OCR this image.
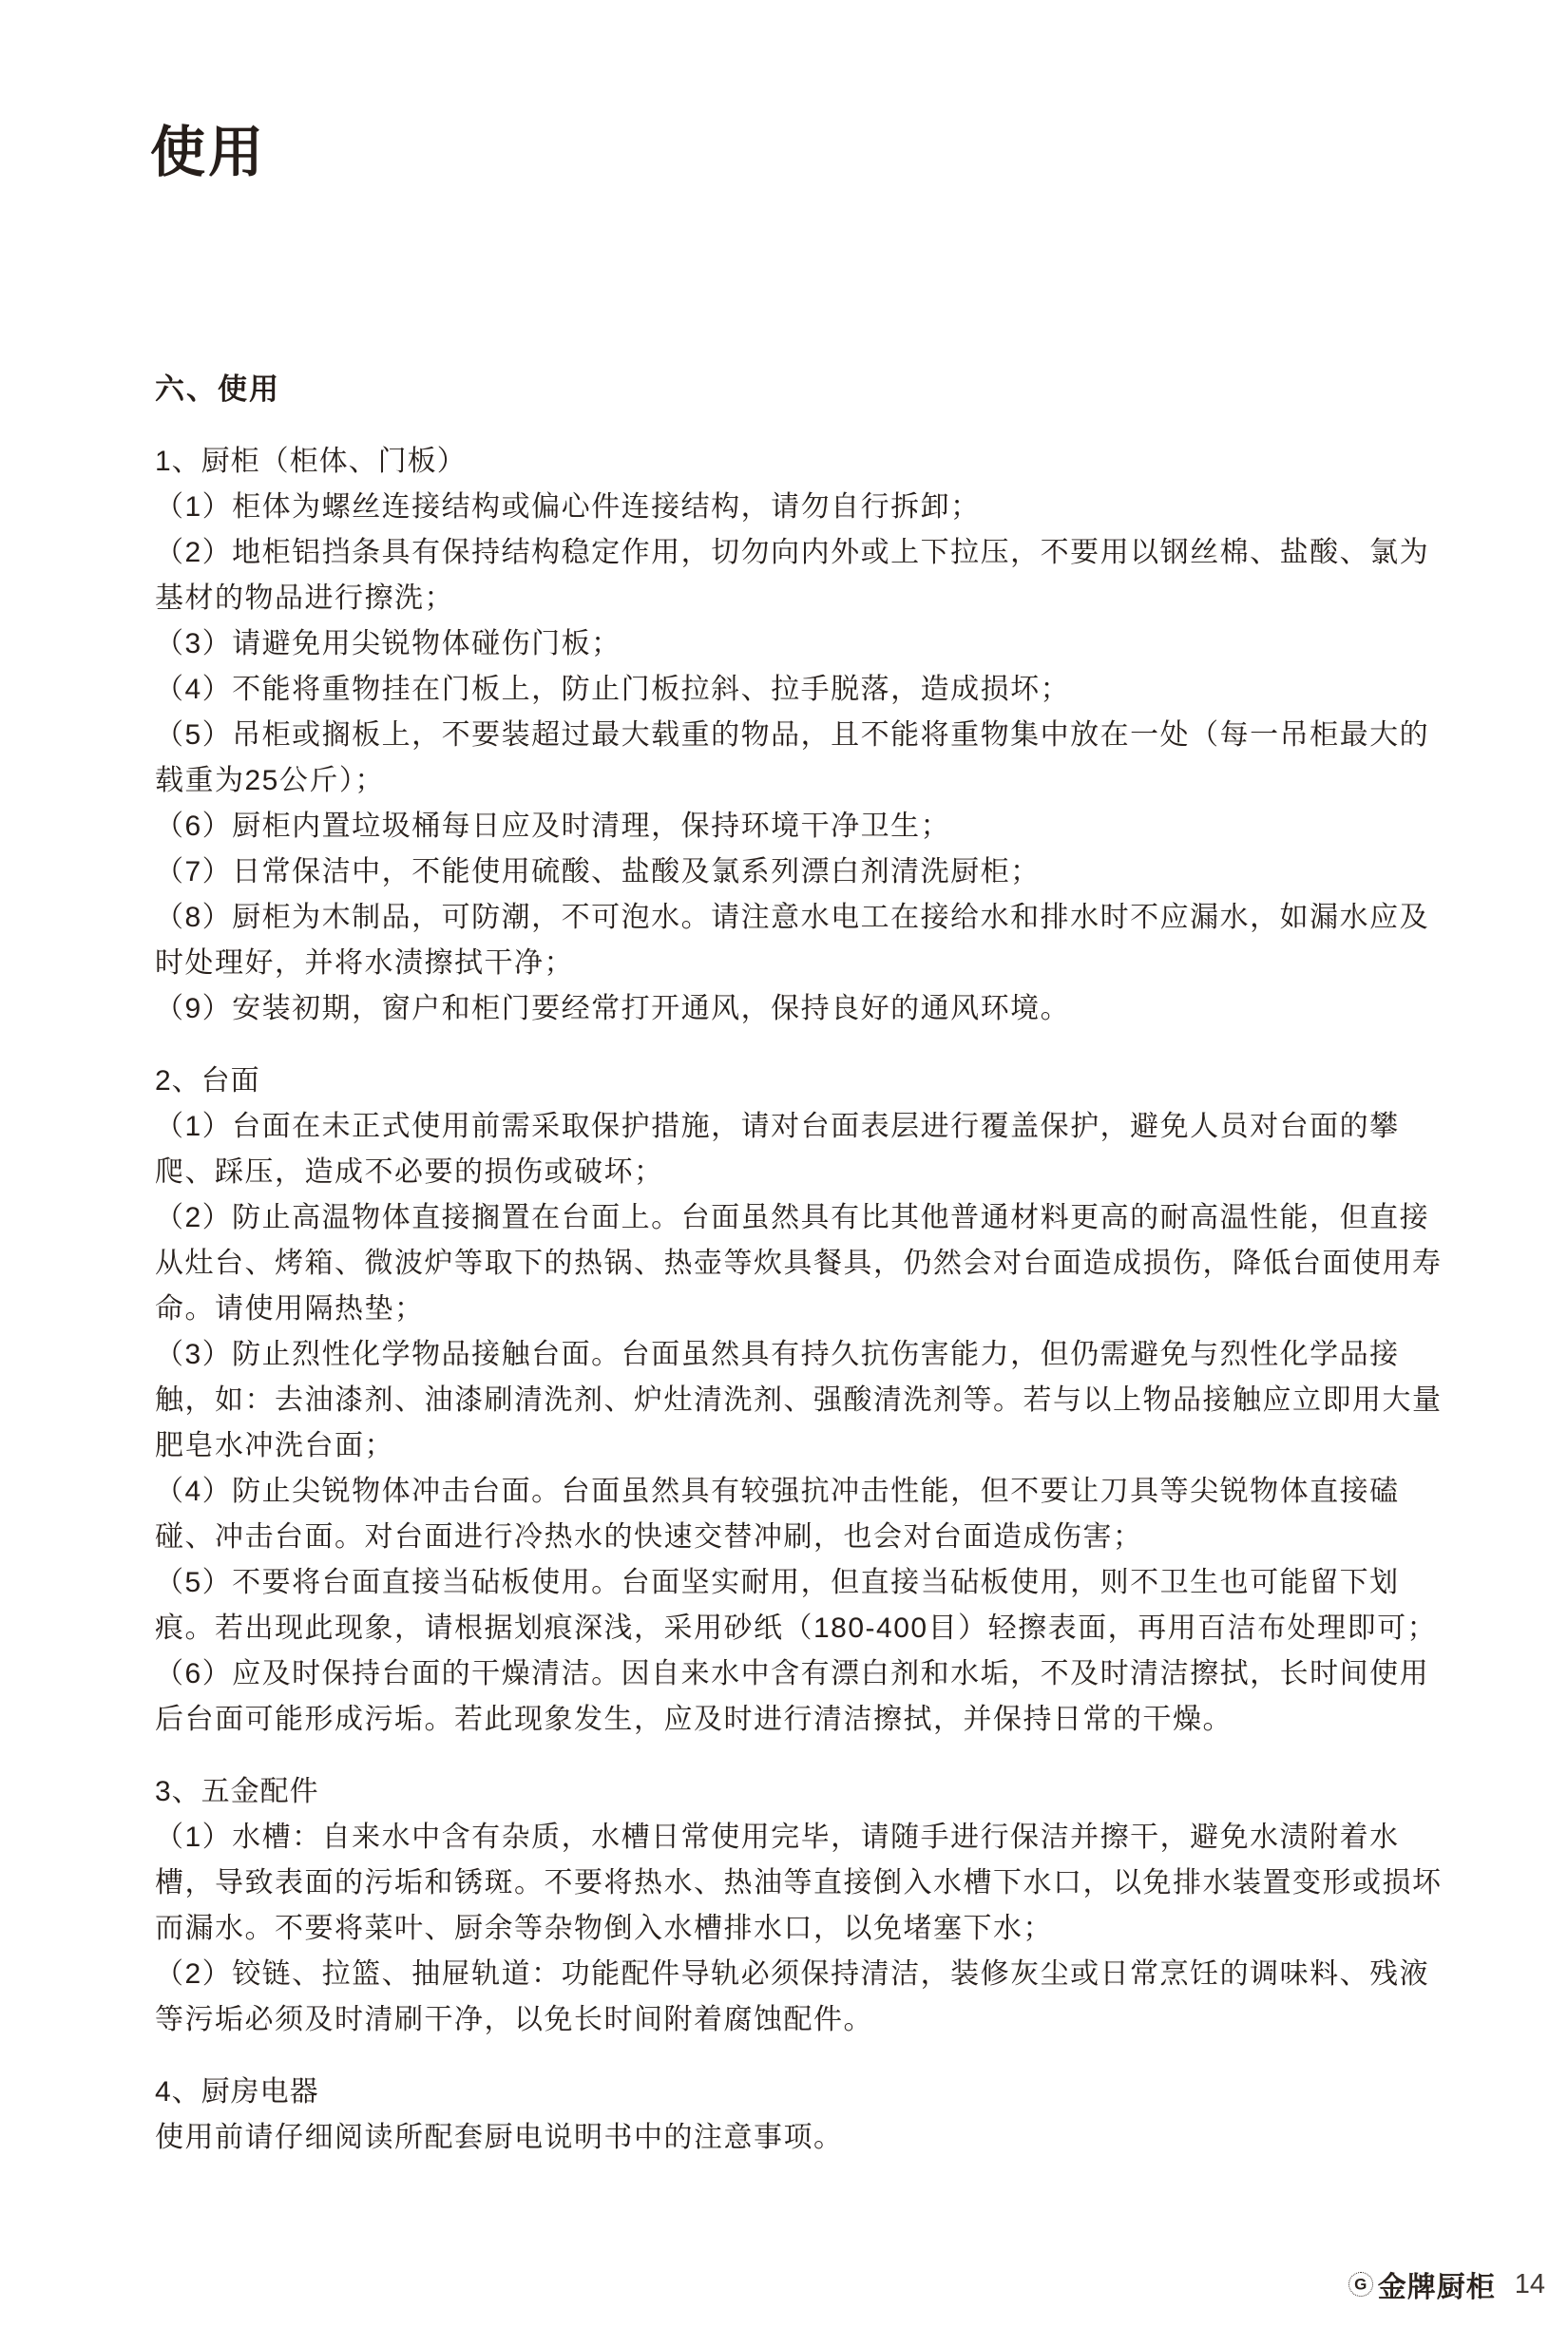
使用
六、使用
1、厨柜（柜体、门板）

（1）柜体为螺丝连接结构或偏心件连接结构，请勿自行拆卸；

（2）地柜铝挡条具有保持结构稳定作用，切勿向内外或上下拉压，不要用以钢丝棉、盐酸、氯为基材的物品进行擦洗；

（3）请避免用尖锐物体碰伤门板；

（4）不能将重物挂在门板上，防止门板拉斜、拉手脱落，造成损坏；

（5）吊柜或搁板上，不要装超过最大载重的物品，且不能将重物集中放在一处（每一吊柜最大的载重为25公斤）；

（6）厨柜内置垃圾桶每日应及时清理，保持环境干净卫生；

（7）日常保洁中，不能使用硫酸、盐酸及氯系列漂白剂清洗厨柜；

（8）厨柜为木制品，可防潮，不可泡水。请注意水电工在接给水和排水时不应漏水，如漏水应及时处理好，并将水渍擦拭干净；

（9）安装初期，窗户和柜门要经常打开通风，保持良好的通风环境。

2、台面

（1）台面在未正式使用前需采取保护措施，请对台面表层进行覆盖保护，避免人员对台面的攀爬、踩压，造成不必要的损伤或破坏；

（2）防止高温物体直接搁置在台面上。台面虽然具有比其他普通材料更高的耐高温性能，但直接从灶台、烤箱、微波炉等取下的热锅、热壶等炊具餐具，仍然会对台面造成损伤，降低台面使用寿命。请使用隔热垫；

（3）防止烈性化学物品接触台面。台面虽然具有持久抗伤害能力，但仍需避免与烈性化学品接触，如：去油漆剂、油漆刷清洗剂、炉灶清洗剂、强酸清洗剂等。若与以上物品接触应立即用大量肥皂水冲洗台面；

（4）防止尖锐物体冲击台面。台面虽然具有较强抗冲击性能，但不要让刀具等尖锐物体直接磕碰、冲击台面。对台面进行冷热水的快速交替冲刷，也会对台面造成伤害；

（5）不要将台面直接当砧板使用。台面坚实耐用，但直接当砧板使用，则不卫生也可能留下划痕。若出现此现象，请根据划痕深浅，采用砂纸（180-400目）轻擦表面，再用百洁布处理即可；

（6）应及时保持台面的干燥清洁。因自来水中含有漂白剂和水垢，不及时清洁擦拭，长时间使用后台面可能形成污垢。若此现象发生，应及时进行清洁擦拭，并保持日常的干燥。

3、五金配件

（1）水槽：自来水中含有杂质，水槽日常使用完毕，请随手进行保洁并擦干，避免水渍附着水槽，导致表面的污垢和锈斑。不要将热水、热油等直接倒入水槽下水口，以免排水装置变形或损坏而漏水。不要将菜叶、厨余等杂物倒入水槽排水口，以免堵塞下水；

（2）铰链、拉篮、抽屉轨道：功能配件导轨必须保持清洁，装修灰尘或日常烹饪的调味料、残液等污垢必须及时清刷干净，以免长时间附着腐蚀配件。

4、厨房电器

使用前请仔细阅读所配套厨电说明书中的注意事项。

G 金牌厨柜 14
